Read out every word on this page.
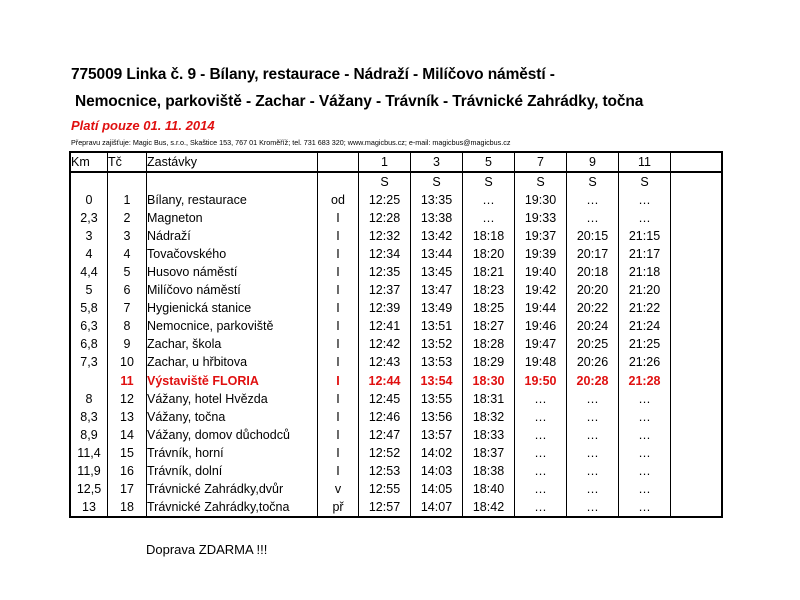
775009 Linka č. 9 - Bílany, restaurace - Nádraží - Milíčovo náměstí -
Nemocnice, parkoviště - Zachar - Vážany - Trávník - Trávnické Zahrádky, točna
Platí pouze 01. 11. 2014
Přepravu zajišťuje: Magic Bus, s.r.o., Skaštice 153, 767 01 Kroměříž; tel. 731 683 320; www.magicbus.cz; e-mail: magicbus@magicbus.cz
Km	Tč	Zastávky		1	3	5	7	9	11	
				S	S	S	S	S	S	
0	1	Bílany, restaurace	od	12:25	13:35	…	19:30	…	…	
2,3	2	Magneton	I	12:28	13:38	…	19:33	…	…	
3	3	Nádraží	I	12:32	13:42	18:18	19:37	20:15	21:15	
4	4	Tovačovského	I	12:34	13:44	18:20	19:39	20:17	21:17	
4,4	5	Husovo náměstí	I	12:35	13:45	18:21	19:40	20:18	21:18	
5	6	Milíčovo náměstí	I	12:37	13:47	18:23	19:42	20:20	21:20	
5,8	7	Hygienická stanice	I	12:39	13:49	18:25	19:44	20:22	21:22	
6,3	8	Nemocnice, parkoviště	I	12:41	13:51	18:27	19:46	20:24	21:24	
6,8	9	Zachar, škola	I	12:42	13:52	18:28	19:47	20:25	21:25	
7,3	10	Zachar, u hřbitova	I	12:43	13:53	18:29	19:48	20:26	21:26	
	11	Výstaviště FLORIA	I	12:44	13:54	18:30	19:50	20:28	21:28	
8	12	Vážany, hotel Hvězda	I	12:45	13:55	18:31	…	…	…	
8,3	13	Vážany, točna	I	12:46	13:56	18:32	…	…	…	
8,9	14	Vážany, domov důchodců	I	12:47	13:57	18:33	…	…	…	
11,4	15	Trávník, horní	I	12:52	14:02	18:37	…	…	…	
11,9	16	Trávník, dolní	I	12:53	14:03	18:38	…	…	…	
12,5	17	Trávnické Zahrádky,dvůr	v	12:55	14:05	18:40	…	…	…	
13	18	Trávnické Zahrádky,točna	př	12:57	14:07	18:42	…	…	…	
Doprava ZDARMA !!!
